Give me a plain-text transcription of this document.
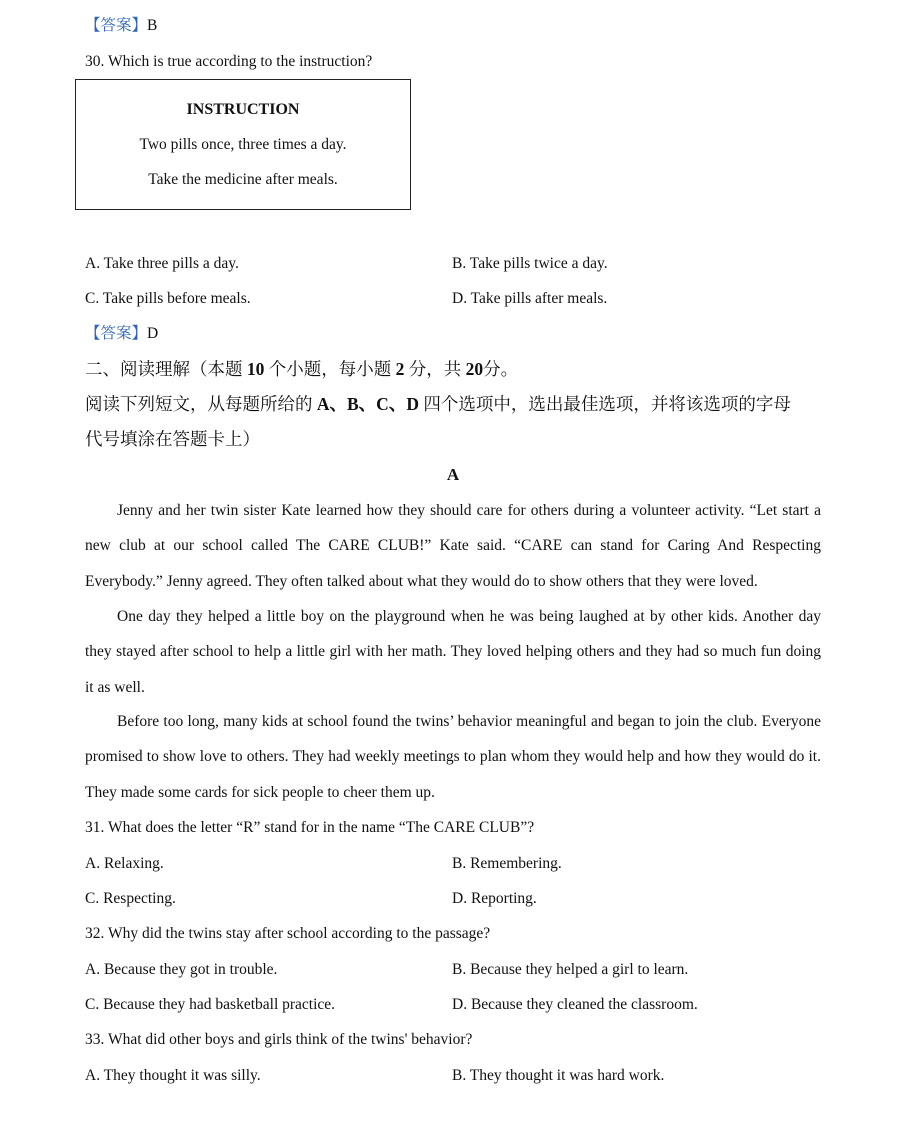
【答案】B
30. Which is true according to the instruction?
INSTRUCTION
Two pills once, three times a day.
Take the medicine after meals.
A. Take three pills a day.	B. Take pills twice a day.
C. Take pills before meals.	D. Take pills after meals.
【答案】D
二、阅读理解（本题 10 个小题，每小题 2 分，共 20分。
阅读下列短文，从每题所给的 A、B、C、D 四个选项中，选出最佳选项，并将该选项的字母
代号填涂在答题卡上）
A

Jenny and her twin sister Kate learned how they should care for others during a volunteer activity. “Let start a new club at our school called The CARE CLUB!” Kate said. “CARE can stand for Caring And Respecting Everybody.” Jenny agreed. They often talked about what they would do to show others that they were loved.

One day they helped a little boy on the playground when he was being laughed at by other kids. Another day they stayed after school to help a little girl with her math. They loved helping others and they had so much fun doing it as well.

Before too long, many kids at school found the twins’ behavior meaningful and began to join the club. Everyone promised to show love to others. They had weekly meetings to plan whom they would help and how they would do it. They made some cards for sick people to cheer them up.

31. What does the letter “R” stand for in the name “The CARE CLUB”?
A. Relaxing.	B. Remembering.
C. Respecting.	D. Reporting.
32. Why did the twins stay after school according to the passage?
A. Because they got in trouble.	B. Because they helped a girl to learn.
C. Because they had basketball practice.	D. Because they cleaned the classroom.
33. What did other boys and girls think of the twins' behavior?
A. They thought it was silly.	B. They thought it was hard work.
